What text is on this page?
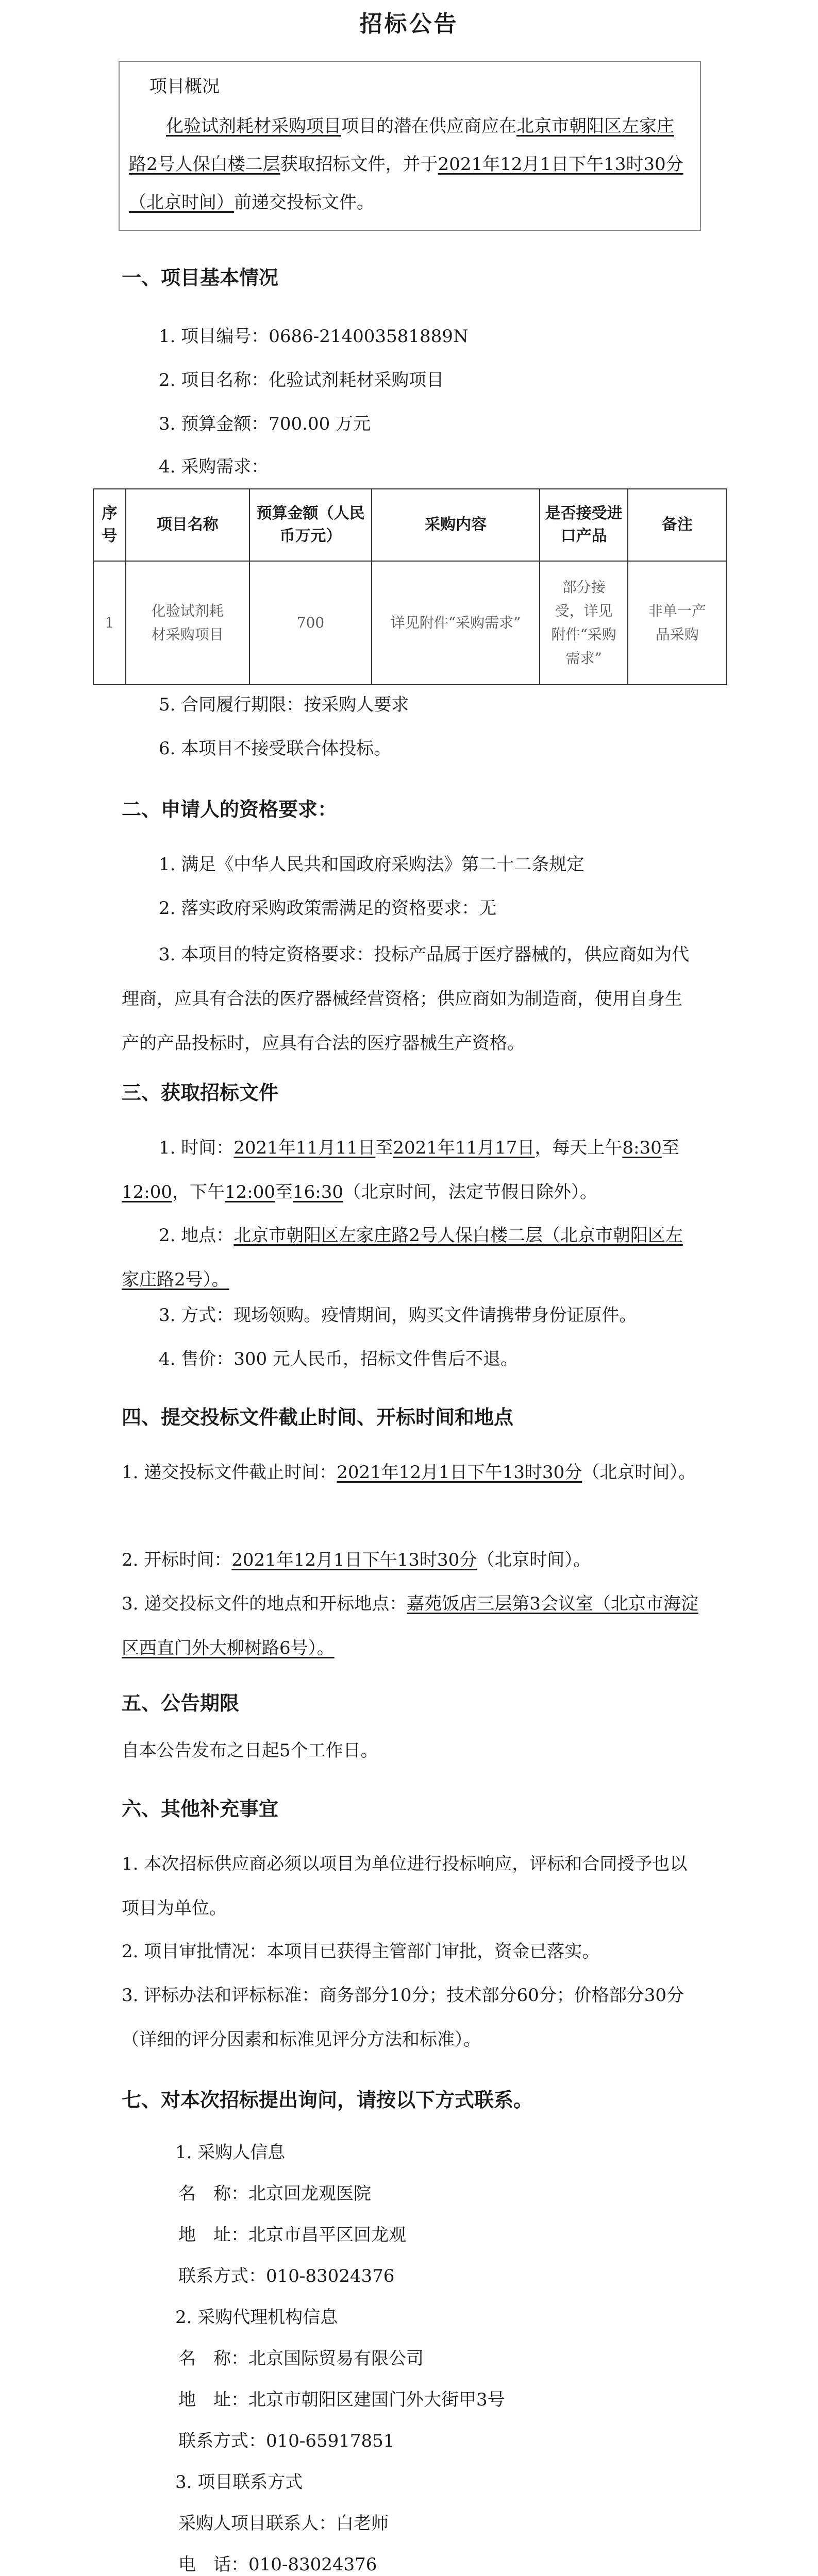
招标公告
项目概况
化验试剂耗材采购项目项目的潜在供应商应在北京市朝阳区左家庄路2号人保白楼二层获取招标文件，并于2021年12月1日下午13时30分（北京时间）前递交投标文件。
一、项目基本情况
1. 项目编号：0686-214003581889N
2. 项目名称：化验试剂耗材采购项目
3. 预算金额：700.00 万元
4. 采购需求：
序号	项目名称	预算金额（人民币万元）	采购内容	是否接受进口产品	备注
1	化验试剂耗材采购项目	700	详见附件“采购需求”	部分接受，详见附件“采购需求”	非单一产品采购
5. 合同履行期限：按采购人要求
6. 本项目不接受联合体投标。
二、申请人的资格要求：
1. 满足《中华人民共和国政府采购法》第二十二条规定
2. 落实政府采购政策需满足的资格要求：无
3. 本项目的特定资格要求：投标产品属于医疗器械的，供应商如为代理商，应具有合法的医疗器械经营资格；供应商如为制造商，使用自身生产的产品投标时，应具有合法的医疗器械生产资格。
三、获取招标文件
1. 时间：2021年11月11日至2021年11月17日，每天上午8:30至12:00，下午12:00至16:30（北京时间，法定节假日除外）。
2. 地点：北京市朝阳区左家庄路2号人保白楼二层（北京市朝阳区左家庄路2号）。
3. 方式：现场领购。疫情期间，购买文件请携带身份证原件。
4. 售价：300 元人民币，招标文件售后不退。
四、提交投标文件截止时间、开标时间和地点
1. 递交投标文件截止时间：2021年12月1日下午13时30分（北京时间）。
2. 开标时间：2021年12月1日下午13时30分（北京时间）。
3. 递交投标文件的地点和开标地点：嘉苑饭店三层第3会议室（北京市海淀区西直门外大柳树路6号）。
五、公告期限
自本公告发布之日起5个工作日。
六、其他补充事宜
1. 本次招标供应商必须以项目为单位进行投标响应，评标和合同授予也以项目为单位。
2. 项目审批情况：本项目已获得主管部门审批，资金已落实。
3. 评标办法和评标标准：商务部分10分；技术部分60分；价格部分30分（详细的评分因素和标准见评分方法和标准）。
七、对本次招标提出询问，请按以下方式联系。
1. 采购人信息
名　称：北京回龙观医院
地　址：北京市昌平区回龙观
联系方式：010-83024376
2. 采购代理机构信息
名　称：北京国际贸易有限公司
地　址：北京市朝阳区建国门外大街甲3号
联系方式：010-65917851
3. 项目联系方式
采购人项目联系人：白老师
电　话：010-83024376
